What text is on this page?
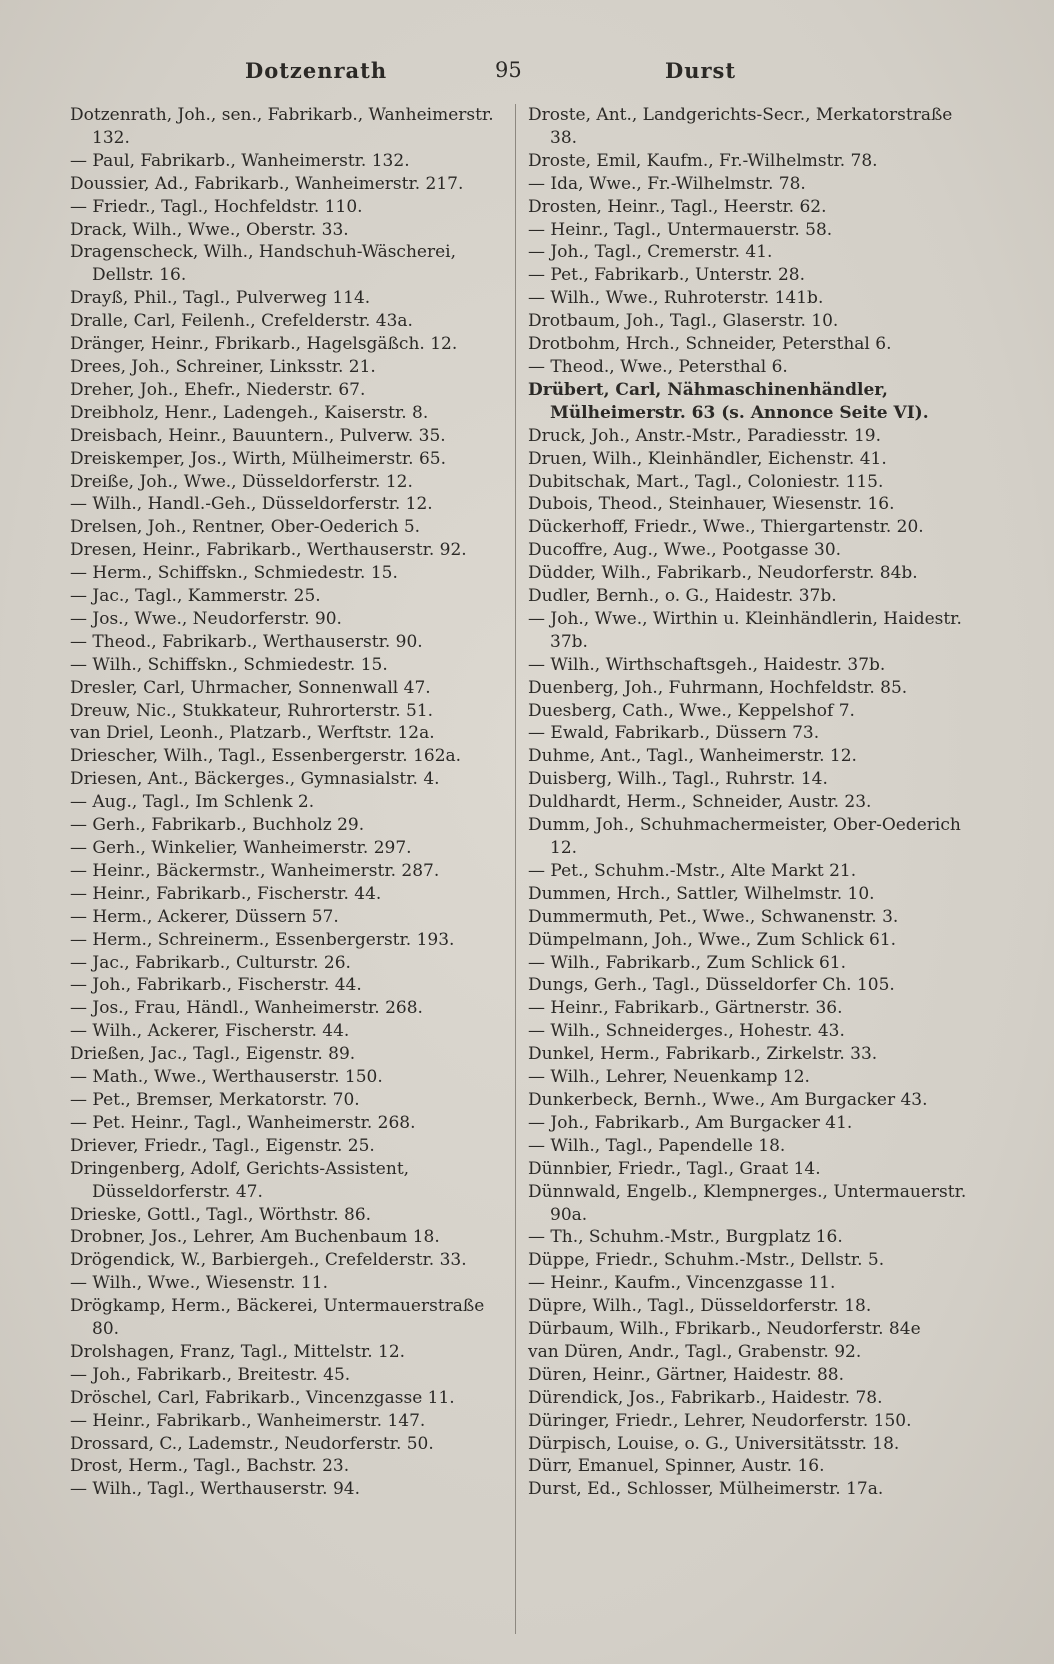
Dotzenrath	95	Durst
Dotzenrath, Joh., sen., Fabrikarb., Wanheimerstr. 132.
— Paul, Fabrikarb., Wanheimerstr. 132.
Doussier, Ad., Fabrikarb., Wanheimerstr. 217.
— Friedr., Tagl., Hochfeldstr. 110.
Drack, Wilh., Wwe., Oberstr. 33.
Dragenscheck, Wilh., Handschuh-Wäscherei, Dellstr. 16.
Drayß, Phil., Tagl., Pulverweg 114.
Dralle, Carl, Feilenh., Crefelderstr. 43a.
Dränger, Heinr., Fbrikarb., Hagelsgäßch. 12.
Drees, Joh., Schreiner, Linksstr. 21.
Dreher, Joh., Ehefr., Niederstr. 67.
Dreibholz, Henr., Ladengeh., Kaiserstr. 8.
Dreisbach, Heinr., Bauuntern., Pulverw. 35.
Dreiskemper, Jos., Wirth, Mülheimerstr. 65.
Dreiße, Joh., Wwe., Düsseldorferstr. 12.
— Wilh., Handl.-Geh., Düsseldorferstr. 12.
Drelsen, Joh., Rentner, Ober-Oederich 5.
Dresen, Heinr., Fabrikarb., Werthauserstr. 92.
— Herm., Schiffskn., Schmiedestr. 15.
— Jac., Tagl., Kammerstr. 25.
— Jos., Wwe., Neudorferstr. 90.
— Theod., Fabrikarb., Werthauserstr. 90.
— Wilh., Schiffskn., Schmiedestr. 15.
Dresler, Carl, Uhrmacher, Sonnenwall 47.
Dreuw, Nic., Stukkateur, Ruhrorterstr. 51.
van Driel, Leonh., Platzarb., Werftstr. 12a.
Driescher, Wilh., Tagl., Essenbergerstr. 162a.
Driesen, Ant., Bäckerges., Gymnasialstr. 4.
— Aug., Tagl., Im Schlenk 2.
— Gerh., Fabrikarb., Buchholz 29.
— Gerh., Winkelier, Wanheimerstr. 297.
— Heinr., Bäckermstr., Wanheimerstr. 287.
— Heinr., Fabrikarb., Fischerstr. 44.
— Herm., Ackerer, Düssern 57.
— Herm., Schreinerm., Essenbergerstr. 193.
— Jac., Fabrikarb., Culturstr. 26.
— Joh., Fabrikarb., Fischerstr. 44.
— Jos., Frau, Händl., Wanheimerstr. 268.
— Wilh., Ackerer, Fischerstr. 44.
Drießen, Jac., Tagl., Eigenstr. 89.
— Math., Wwe., Werthauserstr. 150.
— Pet., Bremser, Merkatorstr. 70.
— Pet. Heinr., Tagl., Wanheimerstr. 268.
Driever, Friedr., Tagl., Eigenstr. 25.
Dringenberg, Adolf, Gerichts-Assistent, Düsseldorferstr. 47.
Drieske, Gottl., Tagl., Wörthstr. 86.
Drobner, Jos., Lehrer, Am Buchenbaum 18.
Drögendick, W., Barbiergeh., Crefelderstr. 33.
— Wilh., Wwe., Wiesenstr. 11.
Drögkamp, Herm., Bäckerei, Untermauerstraße 80.
Drolshagen, Franz, Tagl., Mittelstr. 12.
— Joh., Fabrikarb., Breitestr. 45.
Dröschel, Carl, Fabrikarb., Vincenzgasse 11.
— Heinr., Fabrikarb., Wanheimerstr. 147.
Drossard, C., Lademstr., Neudorferstr. 50.
Drost, Herm., Tagl., Bachstr. 23.
— Wilh., Tagl., Werthauserstr. 94.
Droste, Ant., Landgerichts-Secr., Merkatorstraße 38.
Droste, Emil, Kaufm., Fr.-Wilhelmstr. 78.
— Ida, Wwe., Fr.-Wilhelmstr. 78.
Drosten, Heinr., Tagl., Heerstr. 62.
— Heinr., Tagl., Untermauerstr. 58.
— Joh., Tagl., Cremerstr. 41.
— Pet., Fabrikarb., Unterstr. 28.
— Wilh., Wwe., Ruhroterstr. 141b.
Drotbaum, Joh., Tagl., Glaserstr. 10.
Drotbohm, Hrch., Schneider, Petersthal 6.
— Theod., Wwe., Petersthal 6.
Drübert, Carl, Nähmaschinenhändler, Mülheimerstr. 63 (s. Annonce Seite VI).
Druck, Joh., Anstr.-Mstr., Paradiesstr. 19.
Druen, Wilh., Kleinhändler, Eichenstr. 41.
Dubitschak, Mart., Tagl., Coloniestr. 115.
Dubois, Theod., Steinhauer, Wiesenstr. 16.
Dückerhoff, Friedr., Wwe., Thiergartenstr. 20.
Ducoffre, Aug., Wwe., Pootgasse 30.
Düdder, Wilh., Fabrikarb., Neudorferstr. 84b.
Dudler, Bernh., o. G., Haidestr. 37b.
— Joh., Wwe., Wirthin u. Kleinhändlerin, Haidestr. 37b.
— Wilh., Wirthschaftsgeh., Haidestr. 37b.
Duenberg, Joh., Fuhrmann, Hochfeldstr. 85.
Duesberg, Cath., Wwe., Keppelshof 7.
— Ewald, Fabrikarb., Düssern 73.
Duhme, Ant., Tagl., Wanheimerstr. 12.
Duisberg, Wilh., Tagl., Ruhrstr. 14.
Duldhardt, Herm., Schneider, Austr. 23.
Dumm, Joh., Schuhmachermeister, Ober-Oederich 12.
— Pet., Schuhm.-Mstr., Alte Markt 21.
Dummen, Hrch., Sattler, Wilhelmstr. 10.
Dummermuth, Pet., Wwe., Schwanenstr. 3.
Dümpelmann, Joh., Wwe., Zum Schlick 61.
— Wilh., Fabrikarb., Zum Schlick 61.
Dungs, Gerh., Tagl., Düsseldorfer Ch. 105.
— Heinr., Fabrikarb., Gärtnerstr. 36.
— Wilh., Schneiderges., Hohestr. 43.
Dunkel, Herm., Fabrikarb., Zirkelstr. 33.
— Wilh., Lehrer, Neuenkamp 12.
Dunkerbeck, Bernh., Wwe., Am Burgacker 43.
— Joh., Fabrikarb., Am Burgacker 41.
— Wilh., Tagl., Papendelle 18.
Dünnbier, Friedr., Tagl., Graat 14.
Dünnwald, Engelb., Klempnerges., Untermauerstr. 90a.
— Th., Schuhm.-Mstr., Burgplatz 16.
Düppe, Friedr., Schuhm.-Mstr., Dellstr. 5.
— Heinr., Kaufm., Vincenzgasse 11.
Düpre, Wilh., Tagl., Düsseldorferstr. 18.
Dürbaum, Wilh., Fbrikarb., Neudorferstr. 84e
van Düren, Andr., Tagl., Grabenstr. 92.
Düren, Heinr., Gärtner, Haidestr. 88.
Dürendick, Jos., Fabrikarb., Haidestr. 78.
Düringer, Friedr., Lehrer, Neudorferstr. 150.
Dürpisch, Louise, o. G., Universitätsstr. 18.
Dürr, Emanuel, Spinner, Austr. 16.
Durst, Ed., Schlosser, Mülheimerstr. 17a.
